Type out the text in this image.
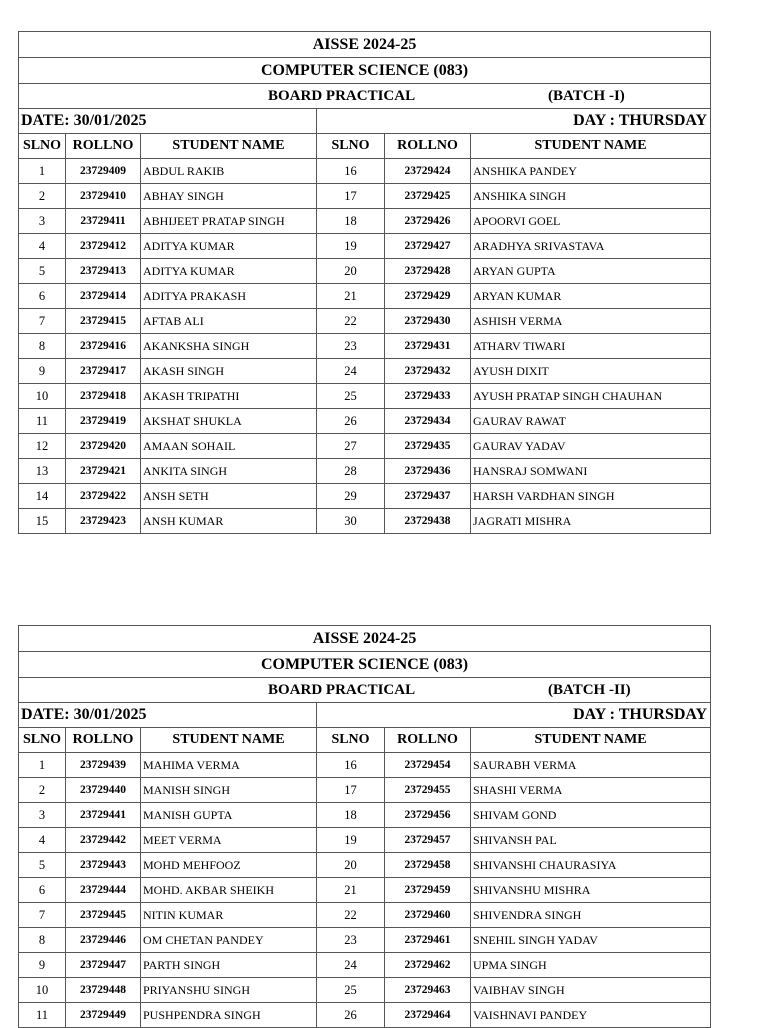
AISSE 2024-25					
COMPUTER SCIENCE (083)					

BOARD PRACTICAL (BATCH -I)					

DATE: 30/01/2025			DAY : THURSDAY		
SLNO	ROLLNO	STUDENT NAME	SLNO	ROLLNO	STUDENT NAME
1	23729409	ABDUL RAKIB	16	23729424	ANSHIKA PANDEY
2	23729410	ABHAY SINGH	17	23729425	ANSHIKA SINGH
3	23729411	ABHIJEET PRATAP SINGH	18	23729426	APOORVI GOEL
4	23729412	ADITYA KUMAR	19	23729427	ARADHYA SRIVASTAVA
5	23729413	ADITYA KUMAR	20	23729428	ARYAN GUPTA
6	23729414	ADITYA PRAKASH	21	23729429	ARYAN KUMAR
7	23729415	AFTAB ALI	22	23729430	ASHISH VERMA
8	23729416	AKANKSHA SINGH	23	23729431	ATHARV TIWARI
9	23729417	AKASH SINGH	24	23729432	AYUSH DIXIT
10	23729418	AKASH TRIPATHI	25	23729433	AYUSH PRATAP SINGH CHAUHAN
11	23729419	AKSHAT SHUKLA	26	23729434	GAURAV RAWAT
12	23729420	AMAAN SOHAIL	27	23729435	GAURAV YADAV
13	23729421	ANKITA SINGH	28	23729436	HANSRAJ SOMWANI
14	23729422	ANSH SETH	29	23729437	HARSH VARDHAN SINGH
15	23729423	ANSH KUMAR	30	23729438	JAGRATI MISHRA
AISSE 2024-25					
COMPUTER SCIENCE (083)					

BOARD PRACTICAL (BATCH -II)					

DATE: 30/01/2025			DAY : THURSDAY		
SLNO	ROLLNO	STUDENT NAME	SLNO	ROLLNO	STUDENT NAME
1	23729439	MAHIMA VERMA	16	23729454	SAURABH VERMA
2	23729440	MANISH SINGH	17	23729455	SHASHI VERMA
3	23729441	MANISH GUPTA	18	23729456	SHIVAM GOND
4	23729442	MEET VERMA	19	23729457	SHIVANSH PAL
5	23729443	MOHD MEHFOOZ	20	23729458	SHIVANSHI CHAURASIYA
6	23729444	MOHD. AKBAR SHEIKH	21	23729459	SHIVANSHU MISHRA
7	23729445	NITIN KUMAR	22	23729460	SHIVENDRA SINGH
8	23729446	OM CHETAN PANDEY	23	23729461	SNEHIL SINGH YADAV
9	23729447	PARTH SINGH	24	23729462	UPMA SINGH
10	23729448	PRIYANSHU SINGH	25	23729463	VAIBHAV SINGH
11	23729449	PUSHPENDRA SINGH	26	23729464	VAISHNAVI PANDEY
